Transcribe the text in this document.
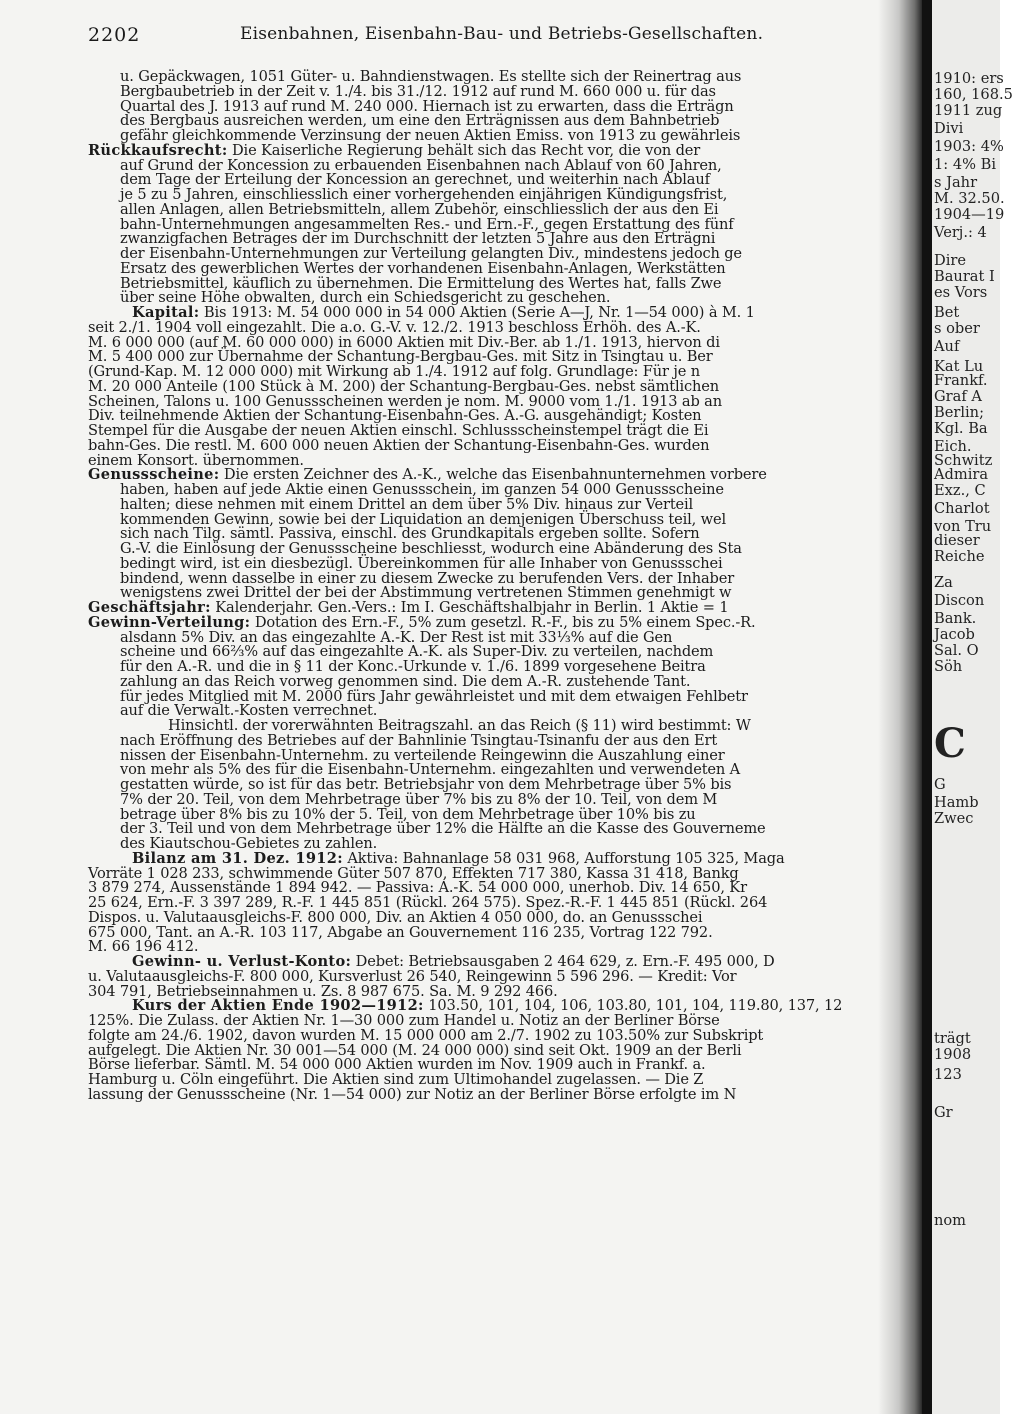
2202	Eisenbahnen, Eisenbahn-Bau- und Betriebs-Gesellschaften.
u. Gepäckwagen, 1051 Güter- u. Bahndienstwagen. Es stellte sich der Reinertrag aus
Bergbaubetrieb in der Zeit v. 1./4. bis 31./12. 1912 auf rund M. 660 000 u. für das
Quartal des J. 1913 auf rund M. 240 000. Hiernach ist zu erwarten, dass die Erträgn
des Bergbaus ausreichen werden, um eine den Erträgnissen aus dem Bahnbetrieb
gefähr gleichkommende Verzinsung der neuen Aktien Emiss. von 1913 zu gewährleis
Rückkaufsrecht: Die Kaiserliche Regierung behält sich das Recht vor, die von der
auf Grund der Koncession zu erbauenden Eisenbahnen nach Ablauf von 60 Jahren,
dem Tage der Erteilung der Koncession an gerechnet, und weiterhin nach Ablauf
je 5 zu 5 Jahren, einschliesslich einer vorhergehenden einjährigen Kündigungsfrist,
allen Anlagen, allen Betriebsmitteln, allem Zubehör, einschliesslich der aus den Ei
bahn-Unternehmungen angesammelten Res.- und Ern.-F., gegen Erstattung des fünf
zwanzigfachen Betrages der im Durchschnitt der letzten 5 Jahre aus den Erträgni
der Eisenbahn-Unternehmungen zur Verteilung gelangten Div., mindestens jedoch ge
Ersatz des gewerblichen Wertes der vorhandenen Eisenbahn-Anlagen, Werkstätten
Betriebsmittel, käuflich zu übernehmen. Die Ermittelung des Wertes hat, falls Zwe
über seine Höhe obwalten, durch ein Schiedsgericht zu geschehen.
Kapital: Bis 1913: M. 54 000 000 in 54 000 Aktien (Serie A—J, Nr. 1—54 000) à M. 1
seit 2./1. 1904 voll eingezahlt. Die a.o. G.-V. v. 12./2. 1913 beschloss Erhöh. des A.-K.
M. 6 000 000 (auf M. 60 000 000) in 6000 Aktien mit Div.-Ber. ab 1./1. 1913, hiervon di
M. 5 400 000 zur Übernahme der Schantung-Bergbau-Ges. mit Sitz in Tsingtau u. Ber
(Grund-Kap. M. 12 000 000) mit Wirkung ab 1./4. 1912 auf folg. Grundlage: Für je n
M. 20 000 Anteile (100 Stück à M. 200) der Schantung-Bergbau-Ges. nebst sämtlichen
Scheinen, Talons u. 100 Genussscheinen werden je nom. M. 9000 vom 1./1. 1913 ab an
Div. teilnehmende Aktien der Schantung-Eisenbahn-Ges. A.-G. ausgehändigt; Kosten
Stempel für die Ausgabe der neuen Aktien einschl. Schlussscheinstempel trägt die Ei
bahn-Ges. Die restl. M. 600 000 neuen Aktien der Schantung-Eisenbahn-Ges. wurden
einem Konsort. übernommen.
Genussscheine: Die ersten Zeichner des A.-K., welche das Eisenbahnunternehmen vorbere
haben, haben auf jede Aktie einen Genussschein, im ganzen 54 000 Genussscheine
halten; diese nehmen mit einem Drittel an dem über 5% Div. hinaus zur Verteil
kommenden Gewinn, sowie bei der Liquidation an demjenigen Überschuss teil, wel
sich nach Tilg. sämtl. Passiva, einschl. des Grundkapitals ergeben sollte. Sofern
G.-V. die Einlösung der Genussscheine beschliesst, wodurch eine Abänderung des Sta
bedingt wird, ist ein diesbezügl. Übereinkommen für alle Inhaber von Genussschei
bindend, wenn dasselbe in einer zu diesem Zwecke zu berufenden Vers. der Inhaber
wenigstens zwei Drittel der bei der Abstimmung vertretenen Stimmen genehmigt w
Geschäftsjahr: Kalenderjahr. Gen.-Vers.: Im I. Geschäftshalbjahr in Berlin. 1 Aktie = 1
Gewinn-Verteilung: Dotation des Ern.-F., 5% zum gesetzl. R.-F., bis zu 5% einem Spec.-R.
alsdann 5% Div. an das eingezahlte A.-K. Der Rest ist mit 33⅓% auf die Gen
scheine und 66⅔% auf das eingezahlte A.-K. als Super-Div. zu verteilen, nachdem
für den A.-R. und die in § 11 der Konc.-Urkunde v. 1./6. 1899 vorgesehene Beitra
zahlung an das Reich vorweg genommen sind. Die dem A.-R. zustehende Tant.
für jedes Mitglied mit M. 2000 fürs Jahr gewährleistet und mit dem etwaigen Fehlbetr
auf die Verwalt.-Kosten verrechnet.
Hinsichtl. der vorerwähnten Beitragszahl. an das Reich (§ 11) wird bestimmt: W
nach Eröffnung des Betriebes auf der Bahnlinie Tsingtau-Tsinanfu der aus den Ert
nissen der Eisenbahn-Unternehm. zu verteilende Reingewinn die Auszahlung einer
von mehr als 5% des für die Eisenbahn-Unternehm. eingezahlten und verwendeten A
gestatten würde, so ist für das betr. Betriebsjahr von dem Mehrbetrage über 5% bis
7% der 20. Teil, von dem Mehrbetrage über 7% bis zu 8% der 10. Teil, von dem M
betrage über 8% bis zu 10% der 5. Teil, von dem Mehrbetrage über 10% bis zu
der 3. Teil und von dem Mehrbetrage über 12% die Hälfte an die Kasse des Gouverneme
des Kiautschou-Gebietes zu zahlen.
Bilanz am 31. Dez. 1912: Aktiva: Bahnanlage 58 031 968, Aufforstung 105 325, Maga
Vorräte 1 028 233, schwimmende Güter 507 870, Effekten 717 380, Kassa 31 418, Bankg
3 879 274, Aussenstände 1 894 942. — Passiva: A.-K. 54 000 000, unerhob. Div. 14 650, Kr
25 624, Ern.-F. 3 397 289, R.-F. 1 445 851 (Rückl. 264 575). Spez.-R.-F. 1 445 851 (Rückl. 264
Dispos. u. Valutaausgleichs-F. 800 000, Div. an Aktien 4 050 000, do. an Genussschei
675 000, Tant. an A.-R. 103 117, Abgabe an Gouvernement 116 235, Vortrag 122 792.
M. 66 196 412.
Gewinn- u. Verlust-Konto: Debet: Betriebsausgaben 2 464 629, z. Ern.-F. 495 000, D
u. Valutaausgleichs-F. 800 000, Kursverlust 26 540, Reingewinn 5 596 296. — Kredit: Vor
304 791, Betriebseinnahmen u. Zs. 8 987 675. Sa. M. 9 292 466.
Kurs der Aktien Ende 1902—1912: 103.50, 101, 104, 106, 103.80, 101, 104, 119.80, 137, 12
125%. Die Zulass. der Aktien Nr. 1—30 000 zum Handel u. Notiz an der Berliner Börse
folgte am 24./6. 1902, davon wurden M. 15 000 000 am 2./7. 1902 zu 103.50% zur Subskript
aufgelegt. Die Aktien Nr. 30 001—54 000 (M. 24 000 000) sind seit Okt. 1909 an der Berli
Börse lieferbar. Sämtl. M. 54 000 000 Aktien wurden im Nov. 1909 auch in Frankf. a.
Hamburg u. Cöln eingeführt. Die Aktien sind zum Ultimohandel zugelassen. — Die Z
lassung der Genussscheine (Nr. 1—54 000) zur Notiz an der Berliner Börse erfolgte im N
1910: ers
160, 168.5
1911 zug
Divi
1903: 4%
1: 4% Bi
s Jahr
M. 32.50.
1904—19
Verj.: 4
Dire
Baurat I
es Vors
Bet
s ober
Auf
Kat Lu
Frankf.
Graf A
Berlin;
Kgl. Ba
Eich.
Schwitz
Admira
Exz., C
Charlot
von Tru
dieser
Reiche
Za
Discon
Bank.
Jacob
Sal. O
Söh
C
G
Hamb
Zwec
trägt
1908
123
Gr
nom
